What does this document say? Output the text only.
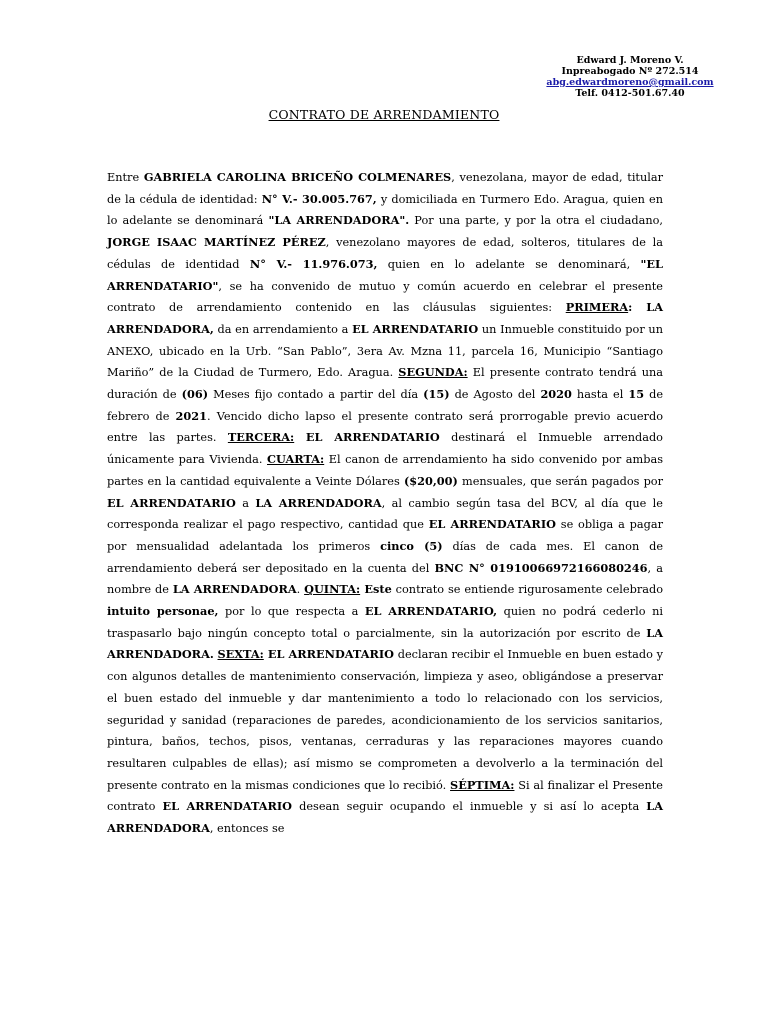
Edward J. Moreno V.
Inpreabogado Nº 272.514
abg.edwardmoreno@gmail.com
Telf. 0412-501.67.40
CONTRATO DE ARRENDAMIENTO
Entre GABRIELA CAROLINA BRICEÑO COLMENARES, venezolana, mayor de edad, titular de la cédula de identidad: N° V.- 30.005.767, y domiciliada en Turmero Edo. Aragua, quien en lo adelante se denominará "LA ARRENDADORA". Por una parte, y por la otra el ciudadano, JORGE ISAAC MARTÍNEZ PÉREZ, venezolano mayores de edad, solteros, titulares de la cédulas de identidad N° V.- 11.976.073, quien en lo adelante se denominará, "EL ARRENDATARIO", se ha convenido de mutuo y común acuerdo en celebrar el presente contrato de arrendamiento contenido en las cláusulas siguientes: PRIMERA: LA ARRENDADORA, da en arrendamiento a EL ARRENDATARIO un Inmueble constituido por un ANEXO, ubicado en la Urb. “San Pablo”, 3era Av. Mzna 11, parcela 16, Municipio “Santiago Mariño” de la Ciudad de Turmero, Edo. Aragua. SEGUNDA: El presente contrato tendrá una duración de (06) Meses fijo contado a partir del día (15) de Agosto del 2020 hasta el 15 de febrero de 2021. Vencido dicho lapso el presente contrato será prorrogable previo acuerdo entre las partes. TERCERA: EL ARRENDATARIO destinará el Inmueble arrendado únicamente para Vivienda. CUARTA: El canon de arrendamiento ha sido convenido por ambas partes en la cantidad equivalente a Veinte Dólares ($20,00) mensuales, que serán pagados por EL ARRENDATARIO a LA ARRENDADORA, al cambio según tasa del BCV, al día que le corresponda realizar el pago respectivo, cantidad que EL ARRENDATARIO se obliga a pagar por mensualidad adelantada los primeros cinco (5) días de cada mes. El canon de arrendamiento deberá ser depositado en la cuenta del BNC N° 01910066972166080246, a nombre de LA ARRENDADORA. QUINTA: Este contrato se entiende rigurosamente celebrado intuito personae, por lo que respecta a EL ARRENDATARIO, quien no podrá cederlo ni traspasarlo bajo ningún concepto total o parcialmente, sin la autorización por escrito de LA ARRENDADORA. SEXTA: EL ARRENDATARIO declaran recibir el Inmueble en buen estado y con algunos detalles de mantenimiento conservación, limpieza y aseo, obligándose a preservar el buen estado del inmueble y dar mantenimiento a todo lo relacionado con los servicios, seguridad y sanidad (reparaciones de paredes, acondicionamiento de los servicios sanitarios, pintura, baños, techos, pisos, ventanas, cerraduras y las reparaciones mayores cuando resultaren culpables de ellas); así mismo se comprometen a devolverlo a la terminación del presente contrato en la mismas condiciones que lo recibió. SÉPTIMA: Si al finalizar el Presente contrato EL ARRENDATARIO desean seguir ocupando el inmueble y si así lo acepta LA ARRENDADORA, entonces se
